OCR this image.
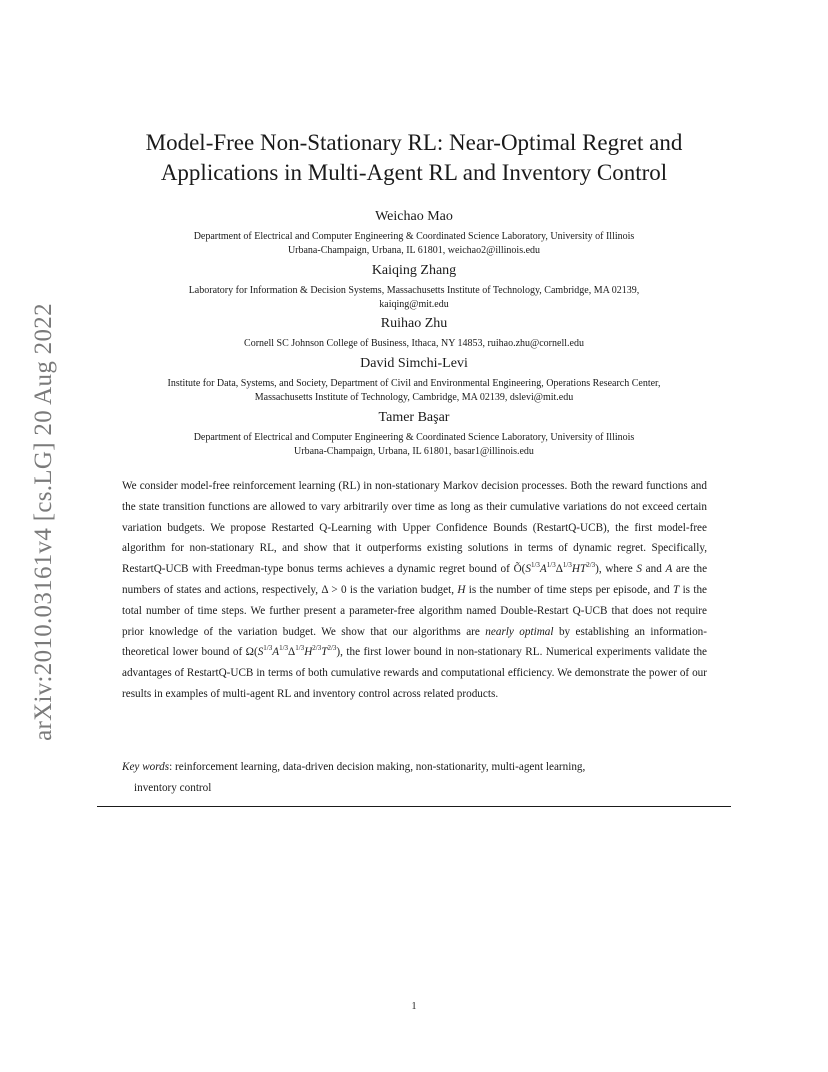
arXiv:2010.03161v4 [cs.LG] 20 Aug 2022
Model-Free Non-Stationary RL: Near-Optimal Regret and
Applications in Multi-Agent RL and Inventory Control
Weichao Mao
Department of Electrical and Computer Engineering & Coordinated Science Laboratory, University of Illinois
Urbana-Champaign, Urbana, IL 61801, weichao2@illinois.edu
Kaiqing Zhang
Laboratory for Information & Decision Systems, Massachusetts Institute of Technology, Cambridge, MA 02139,
kaiqing@mit.edu
Ruihao Zhu
Cornell SC Johnson College of Business, Ithaca, NY 14853, ruihao.zhu@cornell.edu
David Simchi-Levi
Institute for Data, Systems, and Society, Department of Civil and Environmental Engineering, Operations Research Center,
Massachusetts Institute of Technology, Cambridge, MA 02139, dslevi@mit.edu
Tamer Başar
Department of Electrical and Computer Engineering & Coordinated Science Laboratory, University of Illinois
Urbana-Champaign, Urbana, IL 61801, basar1@illinois.edu

We consider model-free reinforcement learning (RL) in non-stationary Markov decision processes. Both the reward functions and the state transition functions are allowed to vary arbitrarily over time as long as their cumulative variations do not exceed certain variation budgets. We propose Restarted Q-Learning with Upper Confidence Bounds (RestartQ-UCB), the first model-free algorithm for non-stationary RL, and show that it outperforms existing solutions in terms of dynamic regret. Specifically, RestartQ-UCB with Freedman-type bonus terms achieves a dynamic regret bound of $Õ(S^{1/3}A^{1/3}\Delta^{1/3}HT^{2/3})$, where S and A are the numbers of states and actions, respectively, Δ > 0 is the variation budget, H is the number of time steps per episode, and T is the total number of time steps. We further present a parameter-free algorithm named Double-Restart Q-UCB that does not require prior knowledge of the variation budget. We show that our algorithms are nearly optimal by establishing an information-theoretical lower bound of $\Omega(S^{1/3}A^{1/3}\Delta^{1/3}H^{2/3}T^{2/3})$, the first lower bound in non-stationary RL. Numerical experiments validate the advantages of RestartQ-UCB in terms of both cumulative rewards and computational efficiency. We demonstrate the power of our results in examples of multi-agent RL and inventory control across related products.

Key words: reinforcement learning, data-driven decision making, non-stationarity, multi-agent learning,
inventory control
1
